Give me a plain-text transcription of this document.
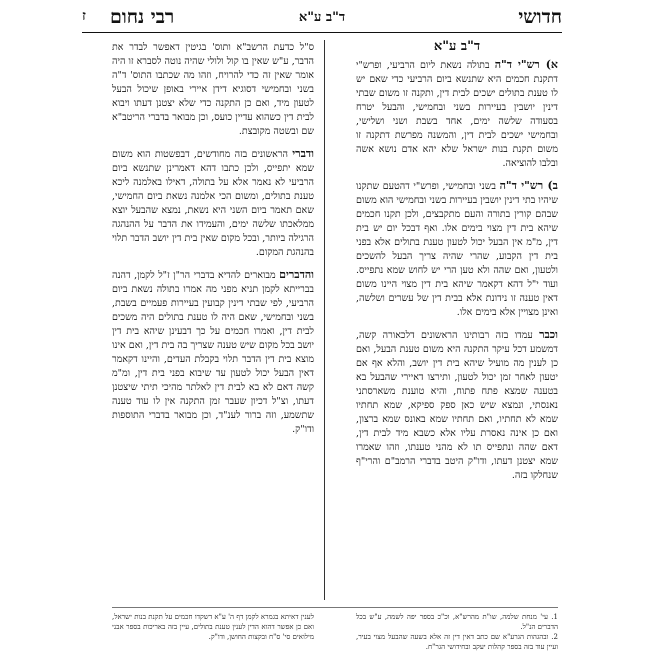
חדושי
ד"ב ע"א
רבי נחום
ז
ד"ב ע"א

א) רש"י ד"ה בתולה נשאת ליום הרביעי, ופרש"י דתקנת חכמים היא שתנשא ביום הרביעי כדי שאם יש לו טענת בתולים ישכים לבית דין, ותקנה זו משום שבתי דינין יושבין בעיירות בשני ובחמישי, והבעל יטרח בסעודה שלשה ימים, אחד בשבת ושני ושלישי, ובחמישי ישכים לבית דין, והמשנה מפרשת דתקנה זו משום תקנת בנות ישראל שלא יהא אדם נושא אשה ובלבו להוציאה.

ב) רש"י ד"ה בשני ובחמישי, ופרש"י דהטעם שתקנו שיהיו בתי דינין יושבין בעיירות בשני ובחמישי הוא משום שבהם קורין בתורה והעם מתקבצים, ולכן תקנו חכמים שיהא בית דין מצוי בימים אלו. ואף דבכל יום יש בית דין, מ"מ אין הבעל יכול לטעון טענת בתולים אלא בפני בית דין הקבוע, שהרי שהיה צריך הבעל להשכים ולטעון, ואם שהה ולא טען הרי יש לחוש שמא נתפייס. ועוד י"ל דהא דקאמר שיהא בית דין מצוי היינו משום דאין טענה זו נידונת אלא בבית דין של עשרים ושלשה, ואינן מצויין אלא בימים אלו.

וכבר עמדו בזה רבותינו הראשונים דלכאורה קשה, דמשמע דכל עיקר התקנה היא משום טענת הבעל, ואם כן לענין מה מועיל שיהא בית דין יושב, והלא אף אם יטעון לאחר זמן יכול לטעון, ותירצו דאיירי שהבעל בא בטענה שמצא פתח פתוח, והיא טוענת משארסתני נאנסתי, ונמצא שיש כאן ספק ספיקא, שמא תחתיו שמא לא תחתיו, ואם תחתיו שמא באונס שמא ברצון, ואם כן אינה נאסרת עליו אלא כשבא מיד לבית דין, דאם שהה ונתפייס תו לא מהני טענתו, וזהו שאמרו שמא יצטנן דעתו, ודו"ק היטב בדברי הרמב"ם והרי"ף שנחלקו בזה.

ס"ל כדעת הרשב"א ותוס' בגיטין דאפשר לבדר את הדבר, ע"ש שאין בו קול ולולי שהיה נוטה לסברא זו היה אומר שאין זה כדי להרויח, וזהו מה שכתבו התוס' ד"ה בשני ובחמישי דסוגיא דידן איירי באופן שיכול הבעל לטעון מיד, ואם כן התקנה כדי שלא יצטנן דעתו ויבוא לבית דין כשהוא עדיין כועס, וכן מבואר בדברי הריטב"א שם ובשטה מקובצת.

ודברי הראשונים בזה מחודשים, דבפשטות הוא משום שמא יתפייס, ולכן כתבו דהא דאמרינן שתנשא ביום הרביעי לא נאמר אלא על בתולה, דאילו באלמנה ליכא טענת בתולים, ומשום הכי אלמנה נשאת ביום החמישי, שאם תאמר ביום השני היא נשאת, נמצא שהבעל יוצא ממלאכתו שלשה ימים, והעמידו את הדבר על ההנהגה הרגילה ביותר, ובכל מקום שאין בית דין יושב הדבר תלוי בהנהגת המקום.

והדברים מבוארים להדיא בדברי הר"ן ז"ל לקמן, דהנה בברייתא לקמן תניא מפני מה אמרו בתולה נשאת ביום הרביעי, לפי שבתי דינין קבועין בעיירות פעמיים בשבת, בשני ובחמישי, שאם היה לו טענת בתולים היה משכים לבית דין, ואמרו חכמים על כך דבעינן שיהא בית דין יושב בכל מקום שיש טענה שצריך בה בית דין, ואם אינו מוצא בית דין הדבר תלוי בקבלת העדים, והיינו דקאמר דאין הבעל יכול לטעון עד שיבוא בפני בית דין, ומ"מ קשה דאם לא בא לבית דין לאלתר מהיכי תיתי שיצטנן דעתו, וצ"ל דכיון שעבר זמן התקנה אין לו עוד טענה שתשמע, וזה ברור לענ"ד, וכן מבואר בדברי התוספות ודו"ק.

1. עי' מנחת שלמה, שו"ת מהרש"א, וכ"כ בספר יפה לשמה, ע"ש בכל הדברים הנ"ל.
2. ובהגהות הגרע"א שם כתב דאין דין זה אלא בשעה שהבעל מצוי בעיר, ועיין עוד בזה בספר קהלות יעקב ובחידושי הגר"ח.
לענין דאיתא בגמרא לקמן דף ה' ע"א דשקדו חכמים על תקנת בנות ישראל, ואם כן אפשר דהוא הדין לענין טענת בתולים, עיין בזה באריכות בספר אבני מילואים סי' ס"ח ובקצות החושן, ודו"ק.
